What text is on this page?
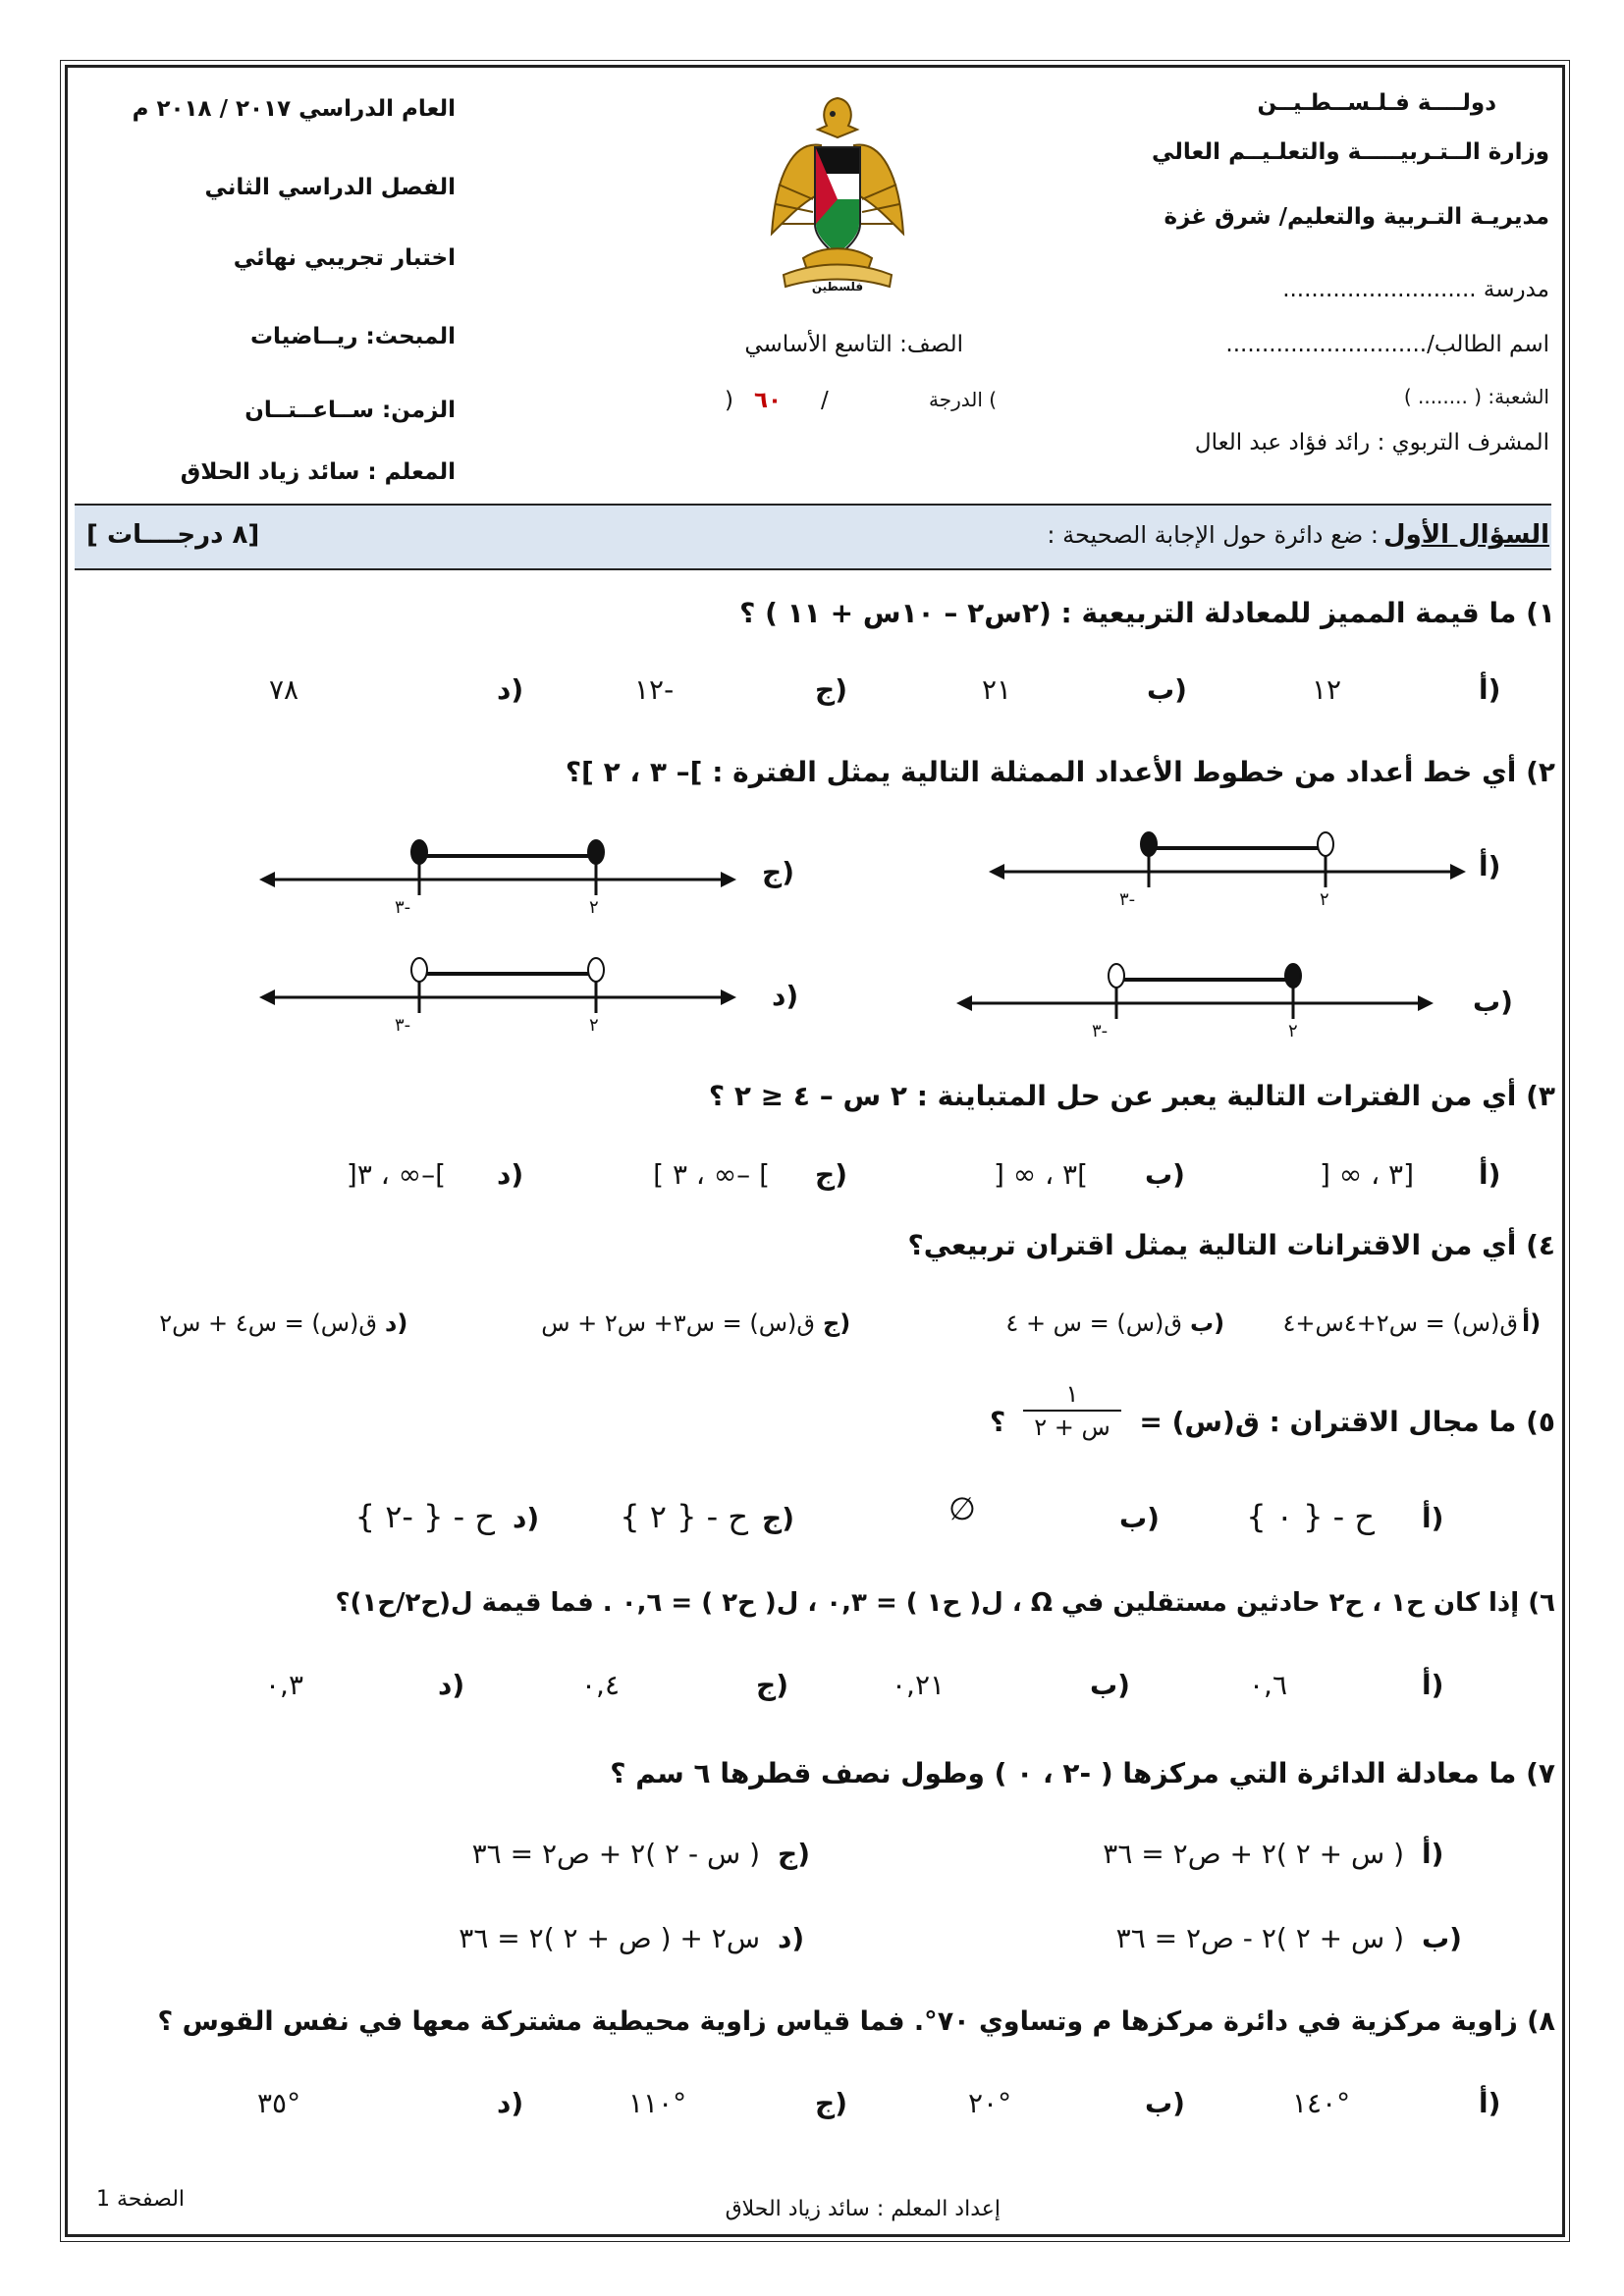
العام الدراسي ٢٠١٧ / ٢٠١٨ م
الفصل الدراسي الثاني
اختبار تجريبي نهائي
المبحث: ريــاضيات
الزمن: ســاعــتــان
المعلم : سائد زياد الحلاق
فلسطين
الصف: التاسع الأساسي
الدرجة (
/
٦٠
)
دولــــة فـلـســطـيــن
وزارة الــتـربيـــــة والتعلـيــم العالي
مديريـة التـربية والتعليم/ شرق غزة
مدرسة ...........................
اسم الطالب/............................
الشعبة: ( ........ )
المشرف التربوي : رائد فؤاد عبد العال
السؤال الأول : ضع دائرة حول الإجابة الصحيحة :
[ ٨ درجــــات]
١) ما قيمة المميز للمعادلة التربيعية : (٢س٢ – ١٠س + ١١ ) ؟
أ)
١٢
ب)
٢١
ج)
١٢-
د)
٧٨
٢) أي خط أعداد من خطوط الأعداد الممثلة التالية يمثل الفترة : ]– ٣ ، ٢ ]؟
أ)
٣-	٢
ج)
٣-	٢
ب)
٣-	٢
د)
٣-	٢
٣) أي من الفترات التالية يعبر عن حل المتباينة : ٢ س – ٤ ≤ ٢ ؟
أ)
[٣ ، ∞ [
ب)
]٣ ، ∞ [
ج)
] –∞ ، ٣ ]
د)
]–∞ ، ٣[
٤) أي من الاقترانات التالية يمثل اقتران تربيعي؟
أ)
ق(س) = س٢+٤س+٤
ب)
ق(س) = س + ٤
ج)
ق(س) = س٣+ س٢ + س
د)
ق(س) = س٤ + س٢
٥) ما مجال الاقتران : ق(س) =
١
س + ٢
؟
أ)
ح - { ٠ }
ب)
∅
ج)
ح - { ٢ }
د)
ح - { -٢ }
٦) إذا كان ح١ ، ح٢ حادثين مستقلين في Ω ، ل( ح١ ) = ٠,٣ ، ل( ح٢ ) = ٠,٦ . فما قيمة ل(ح٢/ح١)؟
أ)
٠,٦
ب)
٠,٢١
ج)
٠,٤
د)
٠,٣
٧) ما معادلة الدائرة التي مركزها ( -٢ ، ٠ ) وطول نصف قطرها ٦ سم ؟
أ)
( س + ٢ )٢ + ص٢ = ٣٦
ج)
( س - ٢ )٢ + ص٢ = ٣٦
ب)
( س + ٢ )٢ - ص٢ = ٣٦
د)
س٢ + ( ص + ٢ )٢ = ٣٦
٨) زاوية مركزية في دائرة مركزها م وتساوي ٧٠°. فما قياس زاوية محيطية مشتركة معها في نفس القوس ؟
أ)
١٤٠°
ب)
٢٠°
ج)
١١٠°
د)
٣٥°
إعداد المعلم : سائد زياد الحلاق
الصفحة 1
